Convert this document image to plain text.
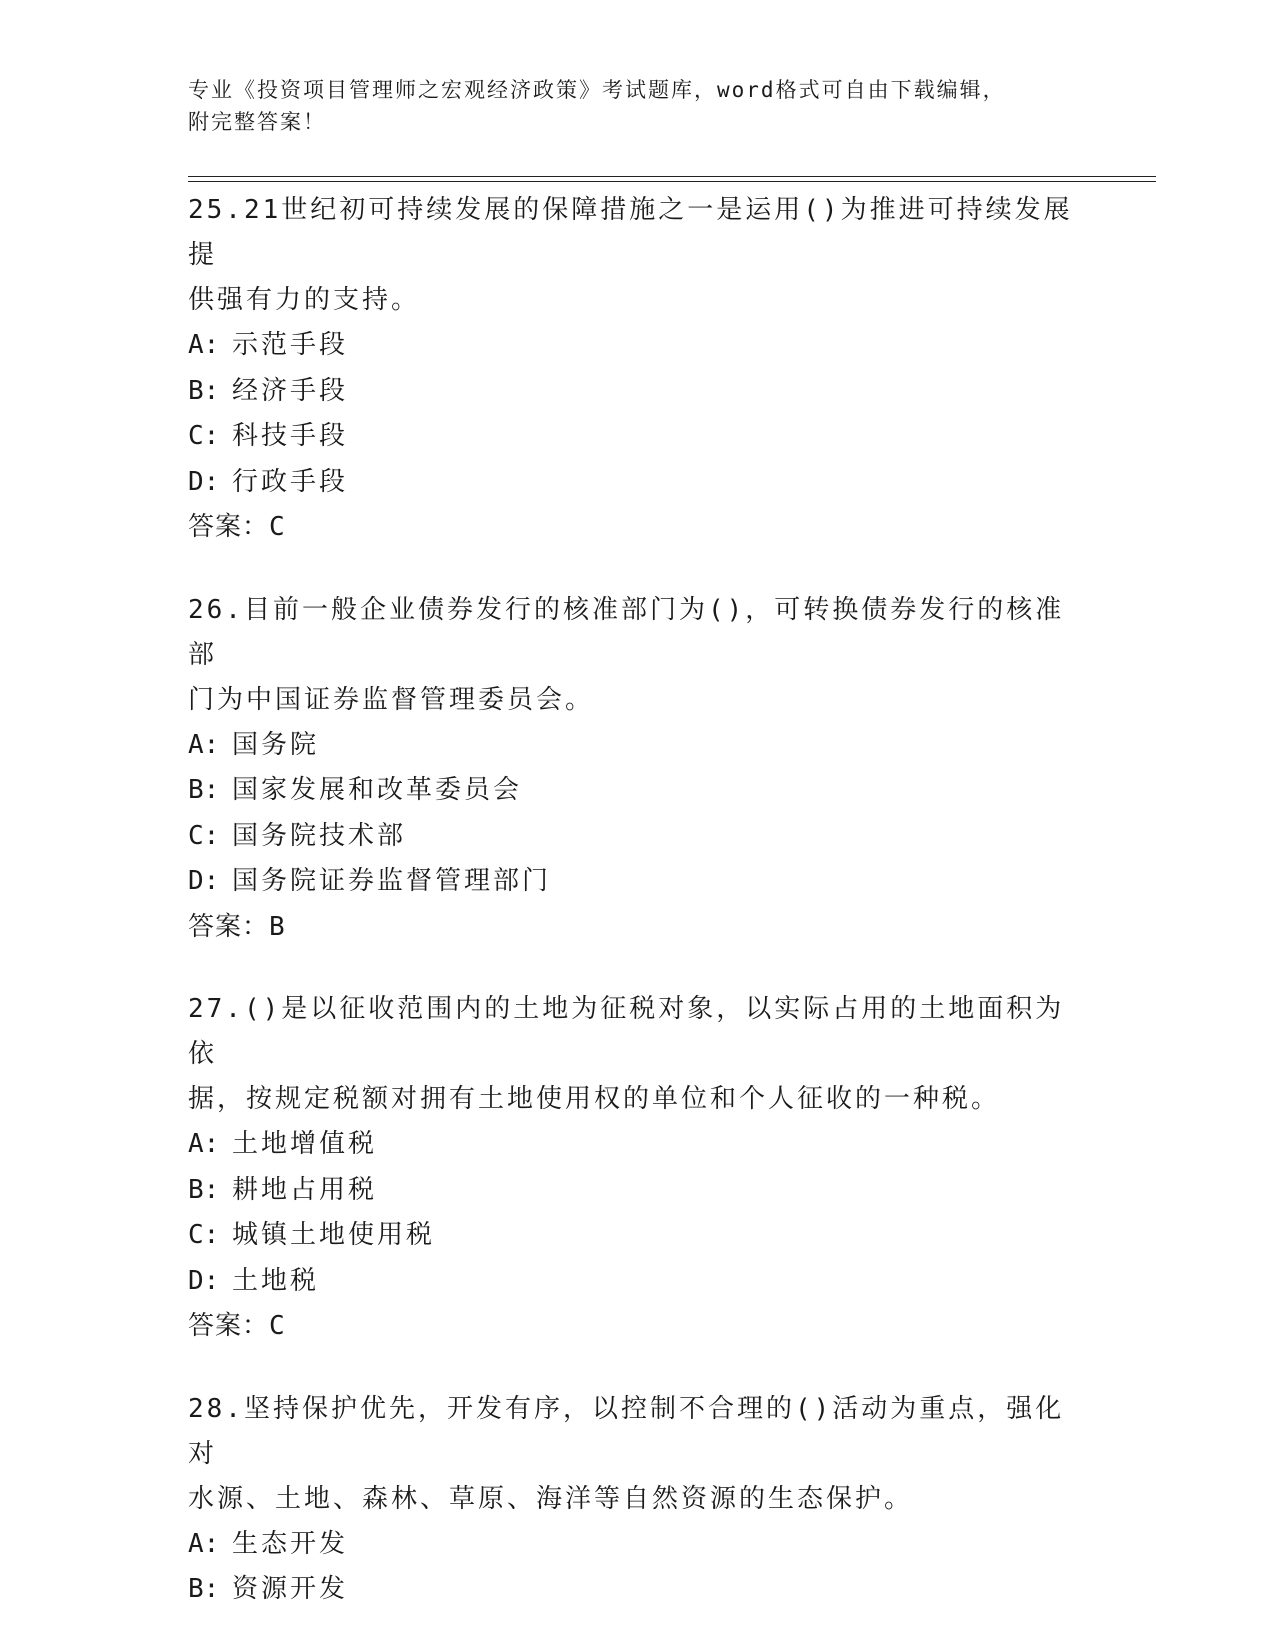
专业《投资项目管理师之宏观经济政策》考试题库，word格式可自由下载编辑，
附完整答案！

25.21世纪初可持续发展的保障措施之一是运用()为推进可持续发展提
供强有力的支持。

A: 示范手段

B: 经济手段

C: 科技手段

D: 行政手段

答案：C

26.目前一般企业债券发行的核准部门为()，可转换债券发行的核准部
门为中国证券监督管理委员会。

A: 国务院

B: 国家发展和改革委员会

C: 国务院技术部

D: 国务院证券监督管理部门

答案：B

27.()是以征收范围内的土地为征税对象，以实际占用的土地面积为依
据，按规定税额对拥有土地使用权的单位和个人征收的一种税。

A: 土地增值税

B: 耕地占用税

C: 城镇土地使用税

D: 土地税

答案：C

28.坚持保护优先，开发有序，以控制不合理的()活动为重点，强化对
水源、土地、森林、草原、海洋等自然资源的生态保护。

A: 生态开发

B: 资源开发
